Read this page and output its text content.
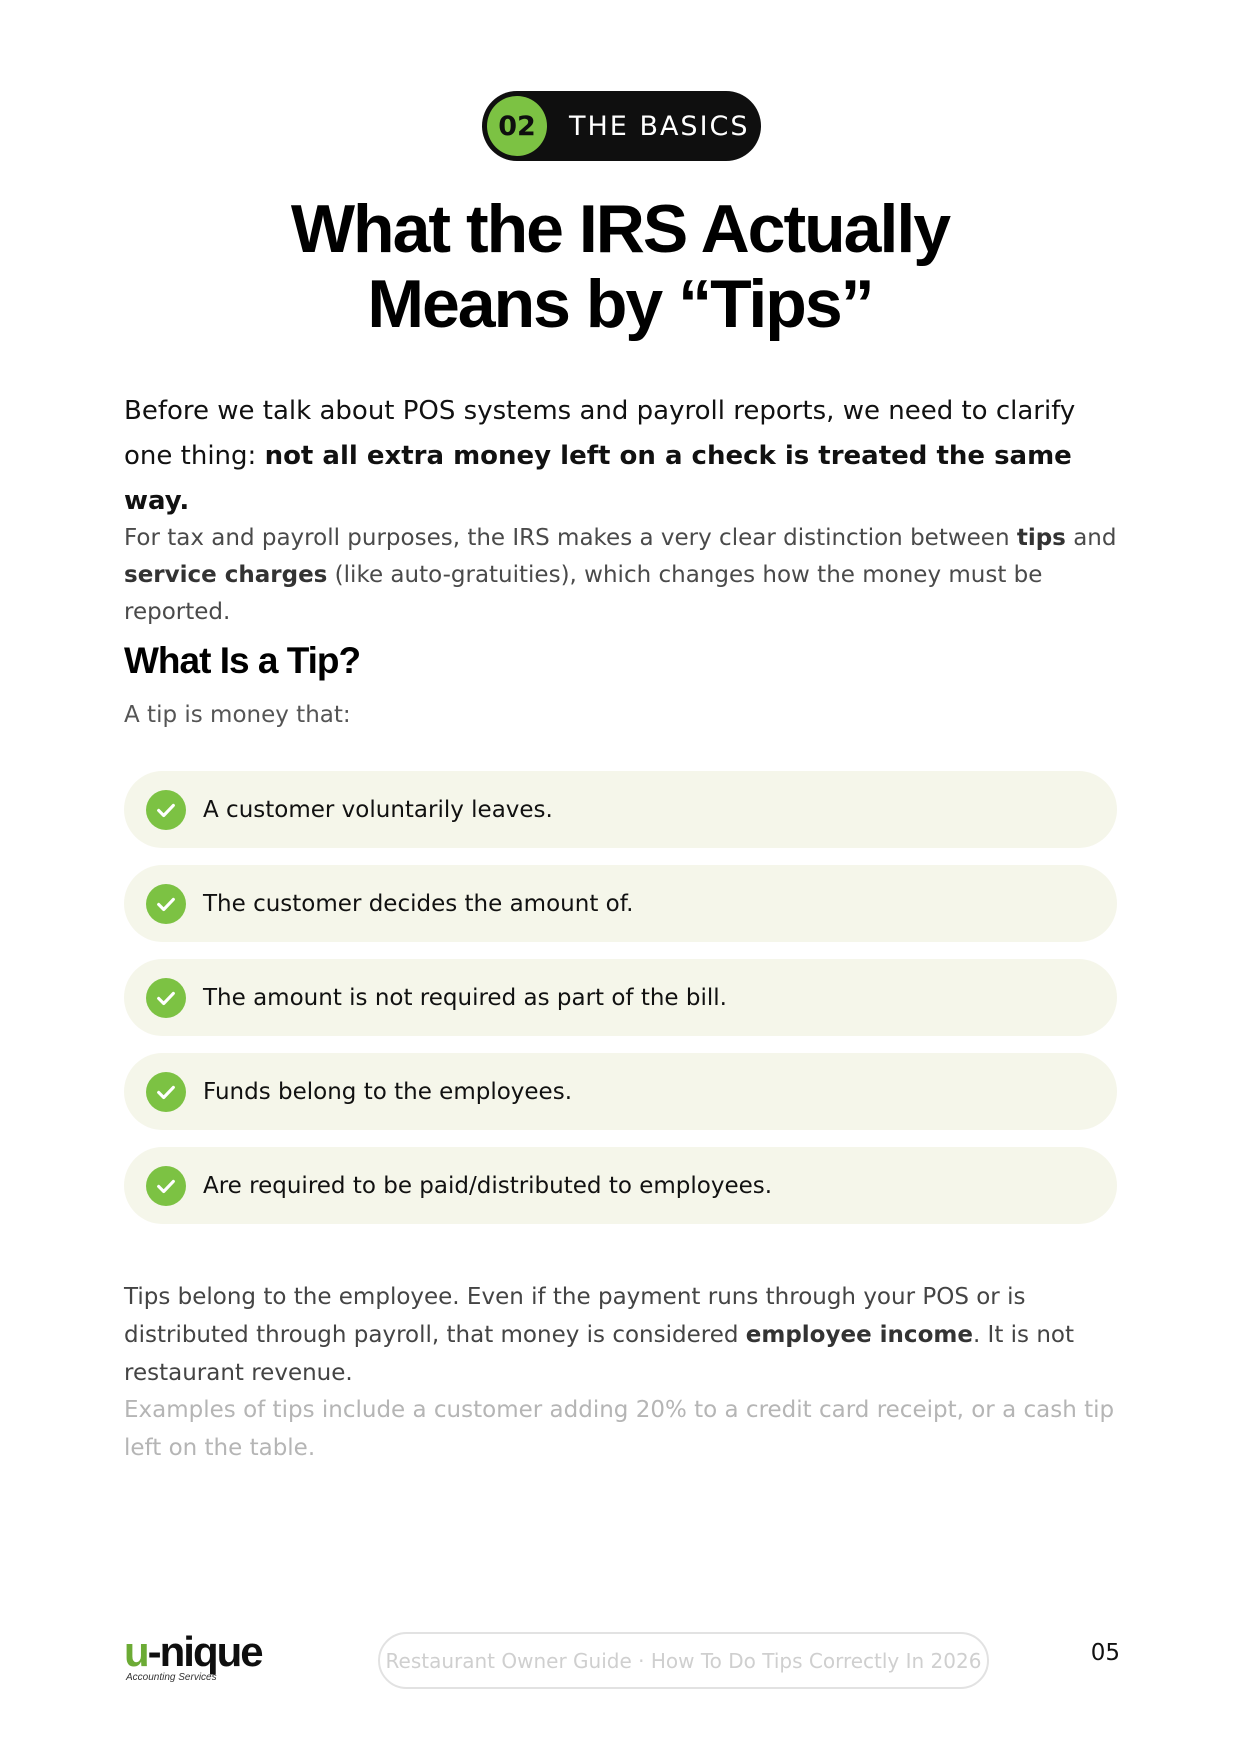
02	THE BASICS
What the IRS Actually
Means by “Tips”

Before we talk about POS systems and payroll reports, we need to clarify one thing: not all extra money left on a check is treated the same way.

For tax and payroll purposes, the IRS makes a very clear distinction between tips and
service charges (like auto-gratuities), which changes how the money must be reported.

What Is a Tip?

A tip is money that:

A customer voluntarily leaves.
The customer decides the amount of.
The amount is not required as part of the bill.
Funds belong to the employees.
Are required to be paid/distributed to employees.

Tips belong to the employee. Even if the payment runs through your POS or is distributed through payroll, that money is considered employee income. It is not restaurant revenue.

Examples of tips include a customer adding 20% to a credit card receipt, or a cash tip left on the table.

u-nique
Accounting Services
Restaurant Owner Guide · How To Do Tips Correctly In 2026	05
